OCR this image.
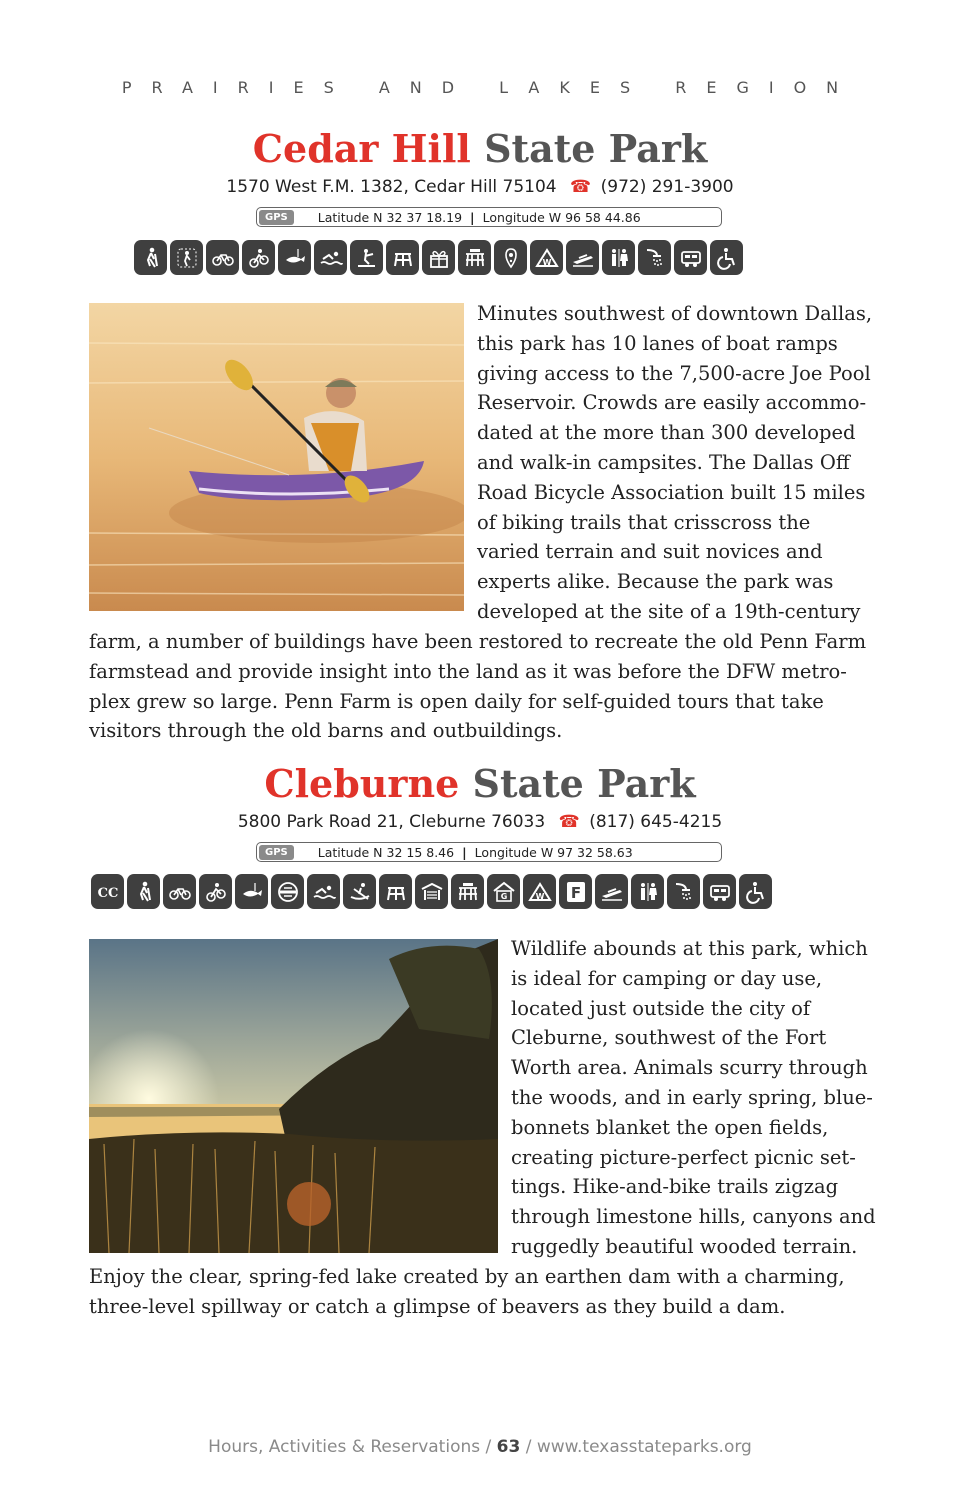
PRAIRIES AND LAKES REGION
Cedar Hill State Park
1570 West F.M. 1382, Cedar Hill 75104 ☎ (972) 291-3900
GPS	Latitude N 32 37 18.19 | Longitude W 96 58 44.86
W
Minutes southwest of downtown Dallas,
this park has 10 lanes of boat ramps
giving access to the 7,500-acre Joe Pool
Reservoir. Crowds are easily accommo-
dated at the more than 300 developed
and walk-in campsites. The Dallas Off
Road Bicycle Association built 15 miles
of biking trails that crisscross the
varied terrain and suit novices and
experts alike. Because the park was
developed at the site of a 19th-century
farm, a number of buildings have been restored to recreate the old Penn Farm
farmstead and provide insight into the land as it was before the DFW metro-
plex grew so large. Penn Farm is open daily for self-guided tours that take
visitors through the old barns and outbuildings.
Cleburne State Park
5800 Park Road 21, Cleburne 76033 ☎ (817) 645-4215
GPS	Latitude N 32 15 8.46 | Longitude W 97 32 58.63
CC	G	W F
Wildlife abounds at this park, which
is ideal for camping or day use,
located just outside the city of
Cleburne, southwest of the Fort
Worth area. Animals scurry through
the woods, and in early spring, blue-
bonnets blanket the open fields,
creating picture-perfect picnic set-
tings. Hike-and-bike trails zigzag
through limestone hills, canyons and
ruggedly beautiful wooded terrain.
Enjoy the clear, spring-fed lake created by an earthen dam with a charming,
three-level spillway or catch a glimpse of beavers as they build a dam.
Hours, Activities & Reservations / 63 / www.texasstateparks.org
